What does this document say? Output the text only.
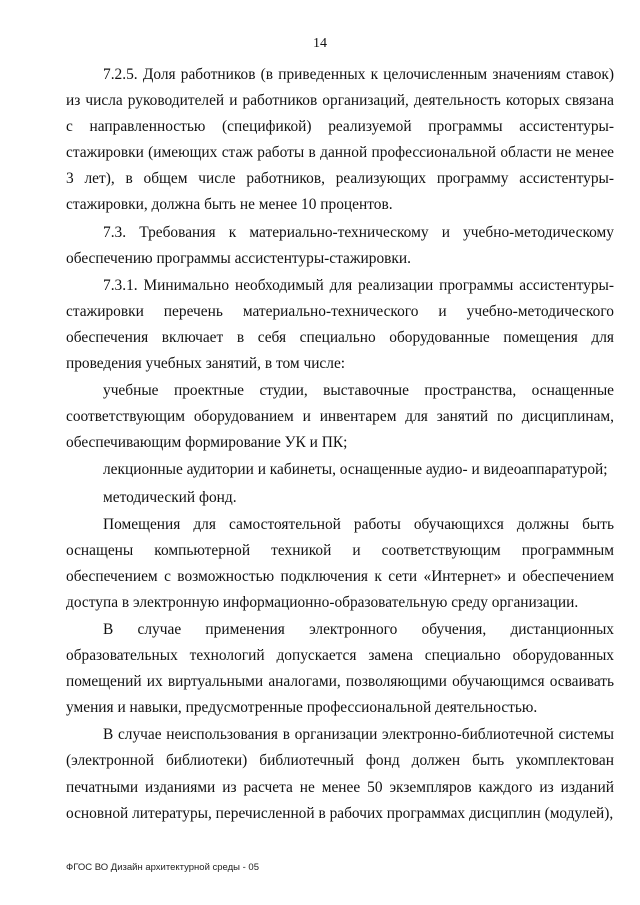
14

7.2.5. Доля работников (в приведенных к целочисленным значениям ставок) из числа руководителей и работников организаций, деятельность которых связана с направленностью (спецификой) реализуемой программы ассистентуры-стажировки (имеющих стаж работы в данной профессиональной области не менее 3 лет), в общем числе работников, реализующих программу ассистентуры-стажировки, должна быть не менее 10 процентов.

7.3. Требования к материально-техническому и учебно-методическому обеспечению программы ассистентуры-стажировки.

7.3.1. Минимально необходимый для реализации программы ассистентуры-стажировки перечень материально-технического и учебно-методического обеспечения включает в себя специально оборудованные помещения для проведения учебных занятий, в том числе:

учебные проектные студии, выставочные пространства, оснащенные соответствующим оборудованием и инвентарем для занятий по дисциплинам, обеспечивающим формирование УК и ПК;

лекционные аудитории и кабинеты, оснащенные аудио- и видеоаппаратурой;

методический фонд.

Помещения для самостоятельной работы обучающихся должны быть оснащены компьютерной техникой и соответствующим программным обеспечением с возможностью подключения к сети «Интернет» и обеспечением доступа в электронную информационно-образовательную среду организации.

В случае применения электронного обучения, дистанционных образовательных технологий допускается замена специально оборудованных помещений их виртуальными аналогами, позволяющими обучающимся осваивать умения и навыки, предусмотренные профессиональной деятельностью.

В случае неиспользования в организации электронно-библиотечной системы (электронной библиотеки) библиотечный фонд должен быть укомплектован печатными изданиями из расчета не менее 50 экземпляров каждого из изданий основной литературы, перечисленной в рабочих программах дисциплин (модулей),

ФГОС ВО Дизайн архитектурной среды - 05
